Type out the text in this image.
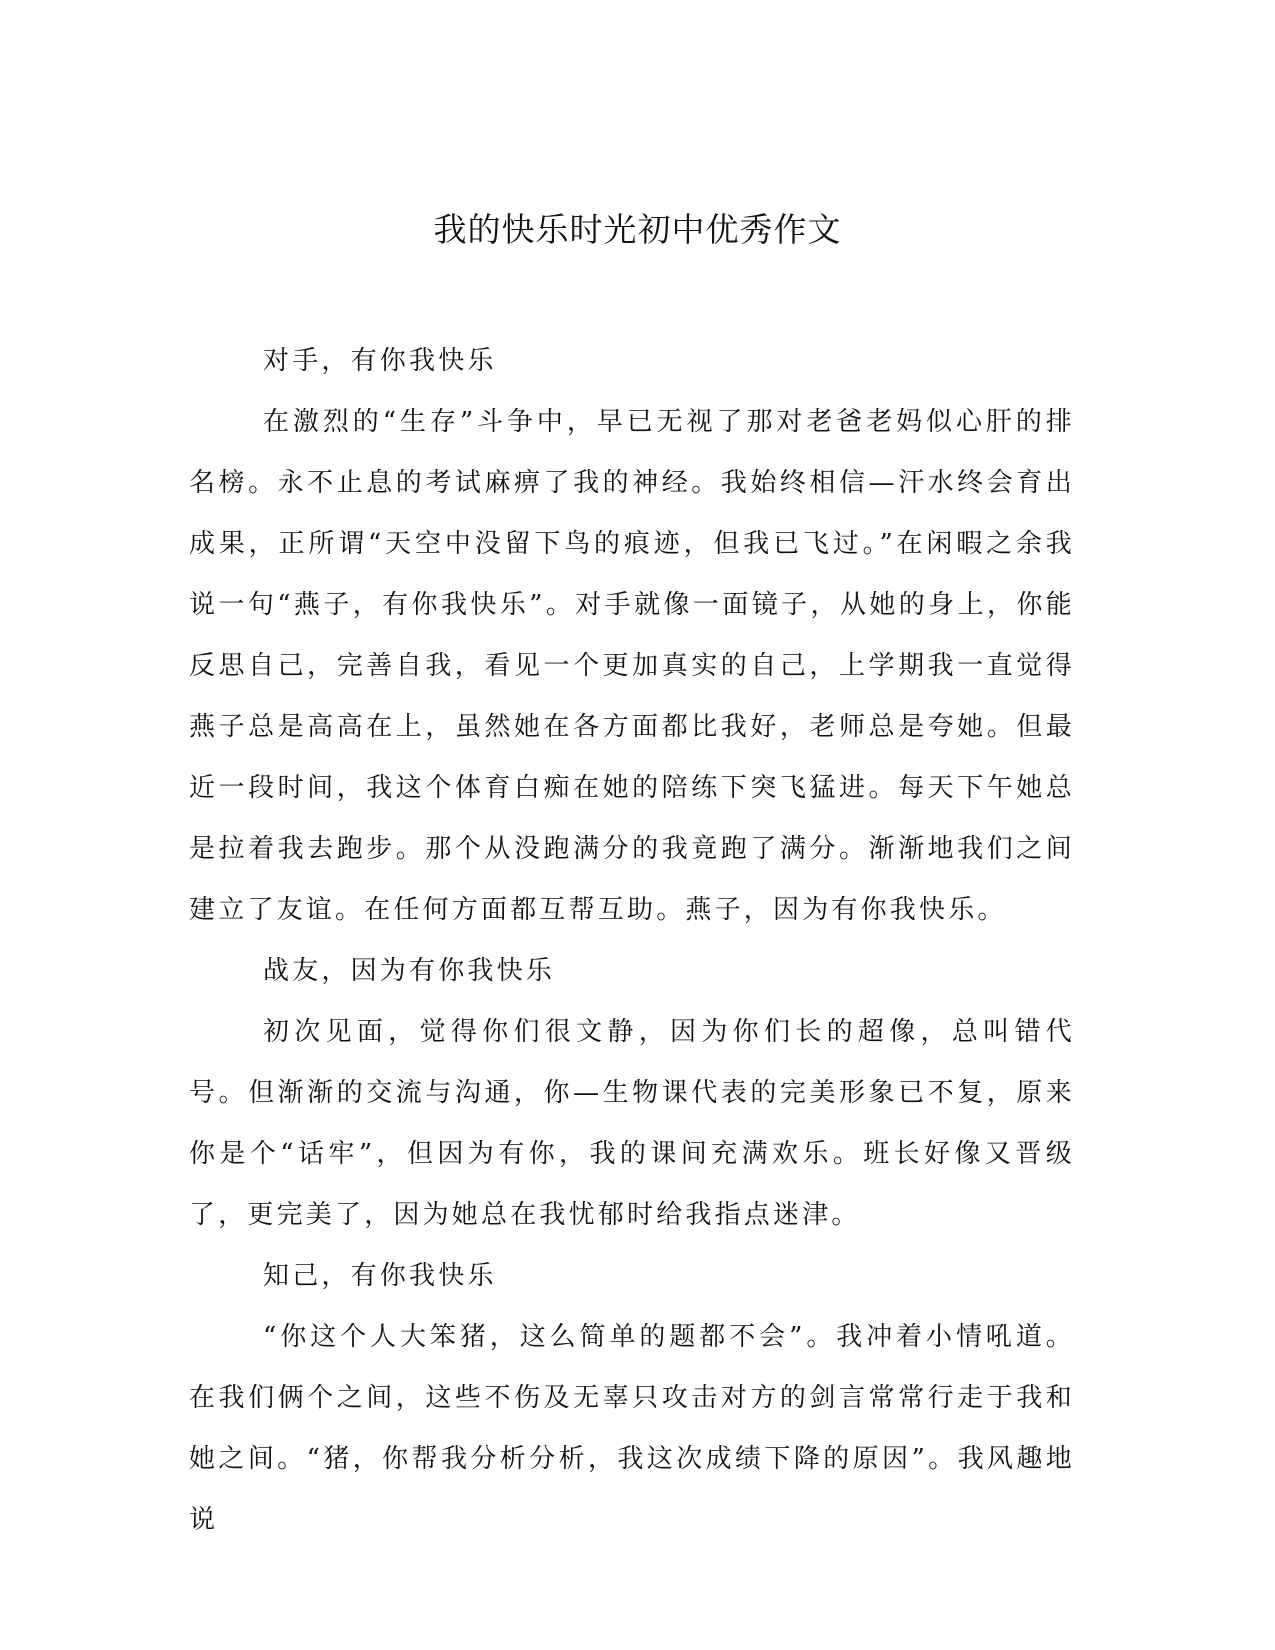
我的快乐时光初中优秀作文

对手，有你我快乐

在激烈的“生存”斗争中，早已无视了那对老爸老妈似心肝的排名榜。永不止息的考试麻痹了我的神经。我始终相信—汗水终会育出成果，正所谓“天空中没留下鸟的痕迹，但我已飞过。”在闲暇之余我说一句“燕子，有你我快乐”。对手就像一面镜子，从她的身上，你能反思自己，完善自我，看见一个更加真实的自己，上学期我一直觉得燕子总是高高在上，虽然她在各方面都比我好，老师总是夸她。但最近一段时间，我这个体育白痴在她的陪练下突飞猛进。每天下午她总是拉着我去跑步。那个从没跑满分的我竟跑了满分。渐渐地我们之间建立了友谊。在任何方面都互帮互助。燕子，因为有你我快乐。

战友，因为有你我快乐

初次见面，觉得你们很文静，因为你们长的超像，总叫错代号。但渐渐的交流与沟通，你—生物课代表的完美形象已不复，原来你是个“话牢”，但因为有你，我的课间充满欢乐。班长好像又晋级了，更完美了，因为她总在我忧郁时给我指点迷津。

知己，有你我快乐

“你这个人大笨猪，这么简单的题都不会”。我冲着小情吼道。在我们俩个之间，这些不伤及无辜只攻击对方的剑言常常行走于我和她之间。“猪，你帮我分析分析，我这次成绩下降的原因”。我风趣地说
